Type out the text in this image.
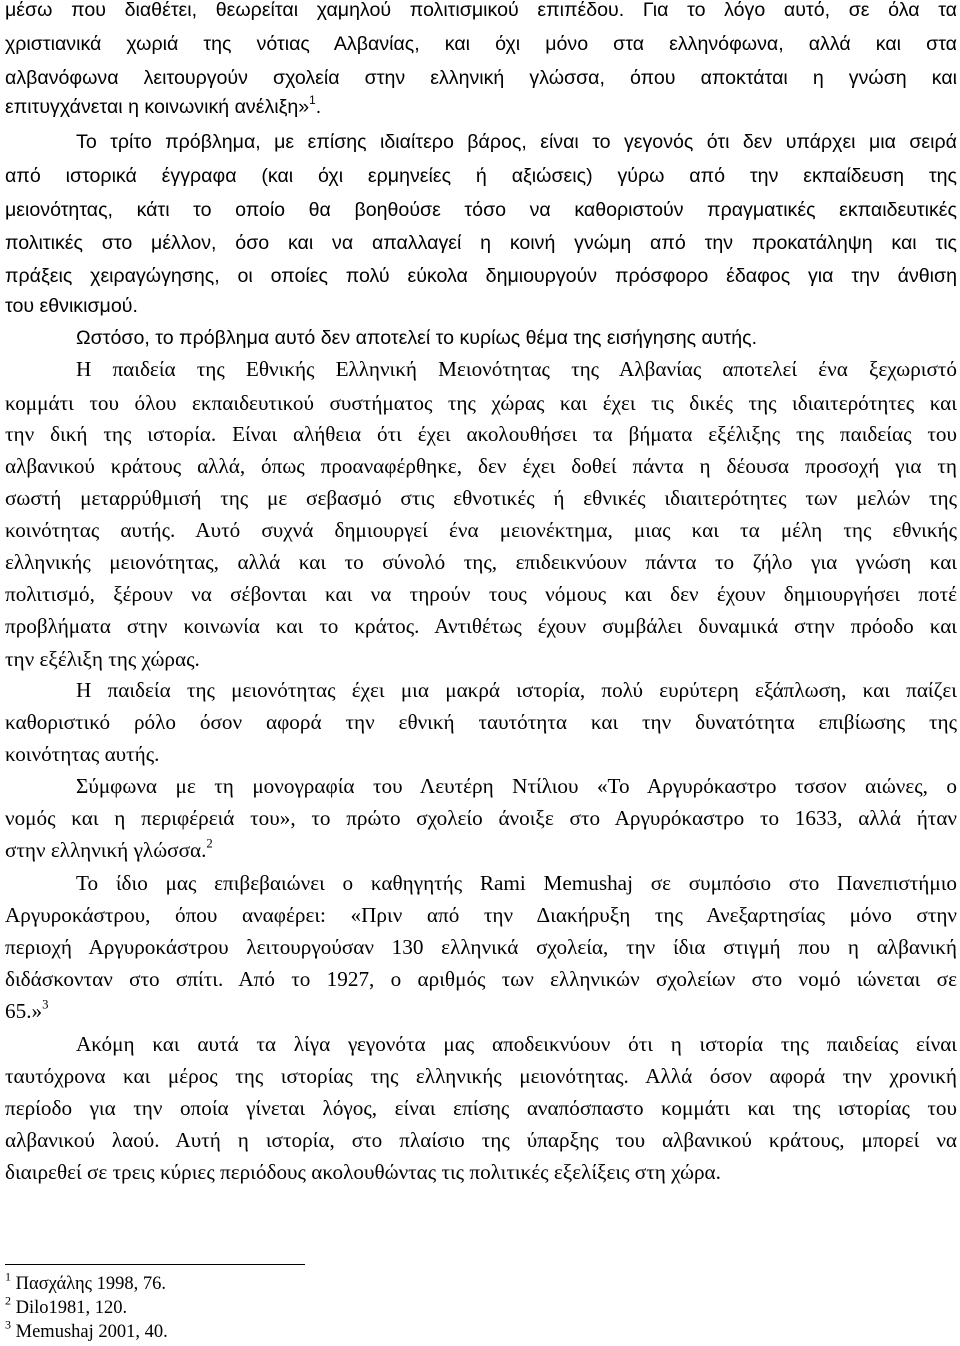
μέσω που διαθέτει, θεωρείται χαμηλού πολιτισμικού επιπέδου. Για το λόγο αυτό, σε όλα τα
χριστιανικά χωριά της νότιας Αλβανίας, και όχι μόνο στα ελληνόφωνα, αλλά και στα
αλβανόφωνα λειτουργούν σχολεία στην ελληνική γλώσσα, όπου αποκτάται η γνώση και
επιτυγχάνεται η κοινωνική ανέλιξη»$^1$.
Το τρίτο πρόβλημα, με επίσης ιδιαίτερο βάρος, είναι το γεγονός ότι δεν υπάρχει μια σειρά
από ιστορικά έγγραφα (και όχι ερμηνείες ή αξιώσεις) γύρω από την εκπαίδευση της
μειονότητας, κάτι το οποίο θα βοηθούσε τόσο να καθοριστούν πραγματικές εκπαιδευτικές
πολιτικές στο μέλλον, όσο και να απαλλαγεί η κοινή γνώμη από την προκατάληψη και τις
πράξεις χειραγώγησης, οι οποίες πολύ εύκολα δημιουργούν πρόσφορο έδαφος για την άνθιση
του εθνικισμού.
Ωστόσο, το πρόβλημα αυτό δεν αποτελεί το κυρίως θέμα της εισήγησης αυτής.
Η παιδεία της Εθνικής Ελληνική Μειονότητας της Αλβανίας αποτελεί ένα ξεχωριστό
κομμάτι του όλου εκπαιδευτικού συστήματος της χώρας και έχει τις δικές της ιδιαιτερότητες και
την δική της ιστορία. Είναι αλήθεια ότι έχει ακολουθήσει τα βήματα εξέλιξης της παιδείας του
αλβανικού κράτους αλλά, όπως προαναφέρθηκε, δεν έχει δοθεί πάντα η δέουσα προσοχή για τη
σωστή μεταρρύθμισή της με σεβασμό στις εθνοτικές ή εθνικές ιδιαιτερότητες των μελών της
κοινότητας αυτής. Αυτό συχνά δημιουργεί ένα μειονέκτημα, μιας και τα μέλη της εθνικής
ελληνικής μειονότητας, αλλά και το σύνολό της, επιδεικνύουν πάντα το ζήλο για γνώση και
πολιτισμό, ξέρουν να σέβονται και να τηρούν τους νόμους και δεν έχουν δημιουργήσει ποτέ
προβλήματα στην κοινωνία και το κράτος. Αντιθέτως έχουν συμβάλει δυναμικά στην πρόοδο και
την εξέλιξη της χώρας.
Η παιδεία της μειονότητας έχει μια μακρά ιστορία, πολύ ευρύτερη εξάπλωση, και παίζει
καθοριστικό ρόλο όσον αφορά την εθνική ταυτότητα και την δυνατότητα επιβίωσης της
κοινότητας αυτής.
Σύμφωνα με τη μονογραφία του Λευτέρη Ντίλιου «Το Αργυρόκαστρο τσσον αιώνες, ο
νομός και η περιφέρειά του», το πρώτο σχολείο άνοιξε στο Αργυρόκαστρο το 1633, αλλά ήταν
στην ελληνική γλώσσα.$^2$
Το ίδιο μας επιβεβαιώνει ο καθηγητής Rami Memushaj σε συμπόσιο στο Πανεπιστήμιο
Αργυροκάστρου, όπου αναφέρει: «Πριν από την Διακήρυξη της Ανεξαρτησίας μόνο στην
περιοχή Αργυροκάστρου λειτουργούσαν 130 ελληνικά σχολεία, την ίδια στιγμή που η αλβανική
διδάσκονταν στο σπίτι. Από το 1927, ο αριθμός των ελληνικών σχολείων στο νομό ιώνεται σε
65.»$^3$
Ακόμη και αυτά τα λίγα γεγονότα μας αποδεικνύουν ότι η ιστορία της παιδείας είναι
ταυτόχρονα και μέρος της ιστορίας της ελληνικής μειονότητας. Αλλά όσον αφορά την χρονική
περίοδο για την οποία γίνεται λόγος, είναι επίσης αναπόσπαστο κομμάτι και της ιστορίας του
αλβανικού λαού. Αυτή η ιστορία, στο πλαίσιο της ύπαρξης του αλβανικού κράτους, μπορεί να
διαιρεθεί σε τρεις κύριες περιόδους ακολουθώντας τις πολιτικές εξελίξεις στη χώρα.
$^1$ Πασχάλης 1998, 76.
$^2$ Dilo1981, 120.
$^3$ Memushaj 2001, 40.
